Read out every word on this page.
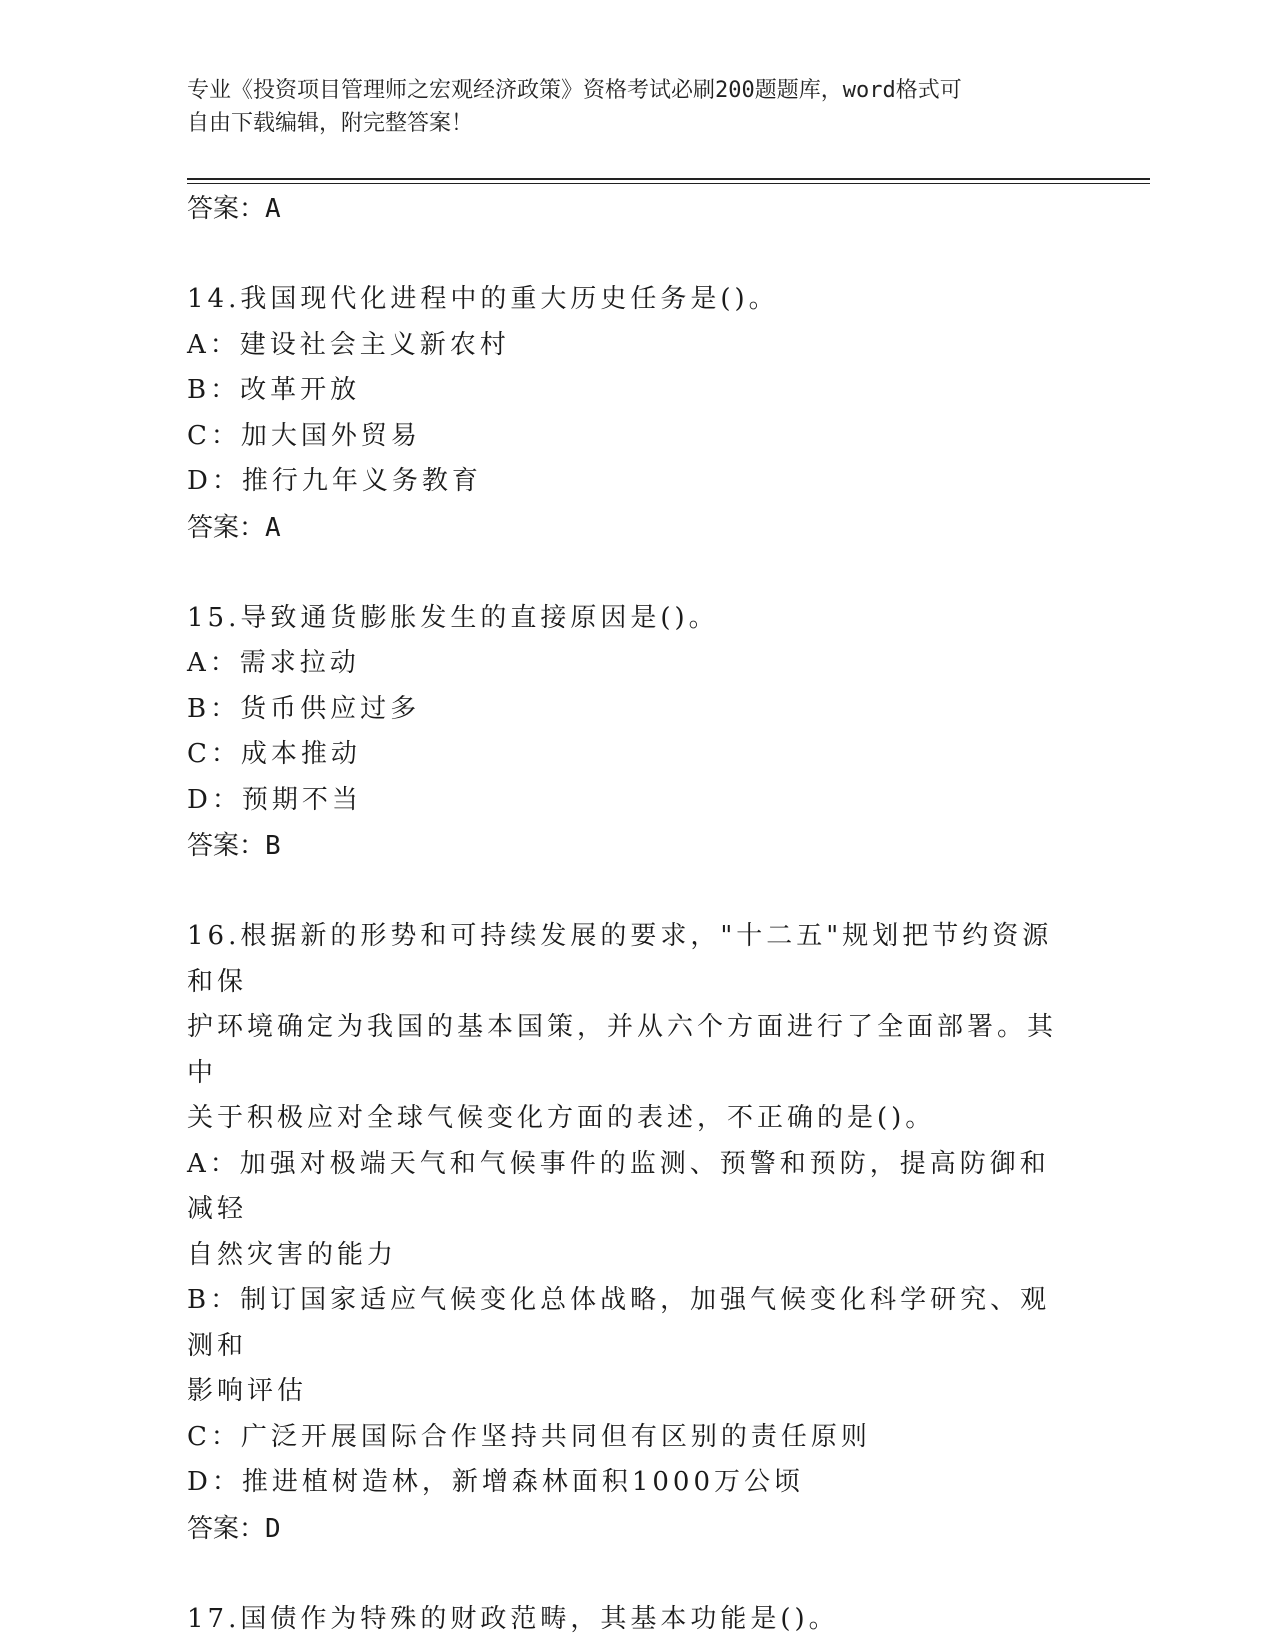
专业《投资项目管理师之宏观经济政策》资格考试必刷200题题库，word格式可
自由下载编辑，附完整答案！
答案：A
14.我国现代化进程中的重大历史任务是()。
A：建设社会主义新农村
B：改革开放
C：加大国外贸易
D：推行九年义务教育
答案：A
15.导致通货膨胀发生的直接原因是()。
A：需求拉动
B：货币供应过多
C：成本推动
D：预期不当
答案：B
16.根据新的形势和可持续发展的要求，"十二五"规划把节约资源和保
护环境确定为我国的基本国策，并从六个方面进行了全面部署。其中
关于积极应对全球气候变化方面的表述，不正确的是()。
A：加强对极端天气和气候事件的监测、预警和预防，提高防御和减轻
自然灾害的能力
B：制订国家适应气候变化总体战略，加强气候变化科学研究、观测和
影响评估
C：广泛开展国际合作坚持共同但有区别的责任原则
D：推进植树造林，新增森林面积1000万公顷
答案：D
17.国债作为特殊的财政范畴，其基本功能是()。
